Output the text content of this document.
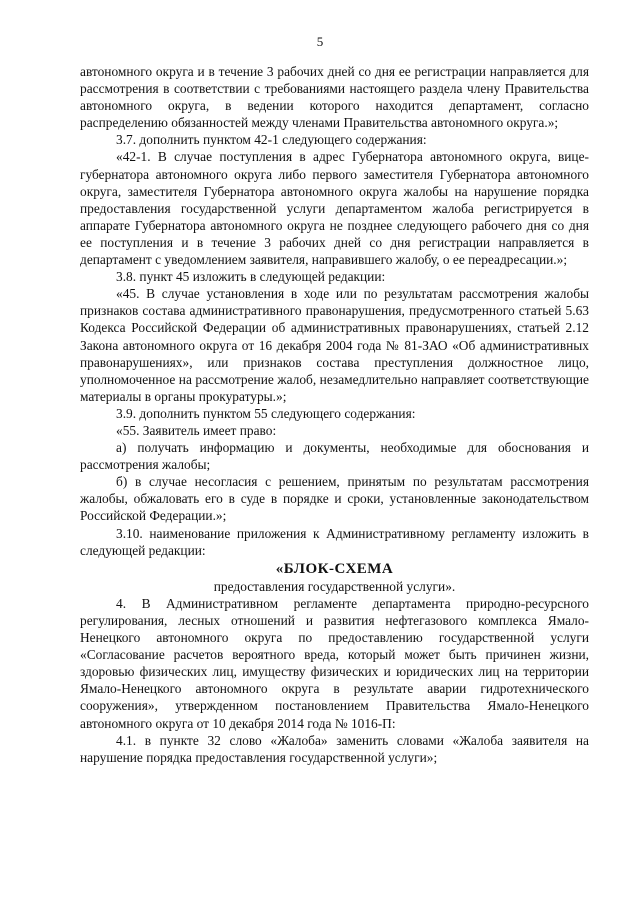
5

автономного округа и в течение 3 рабочих дней со дня ее регистрации направляется для рассмотрения в соответствии с требованиями настоящего раздела члену Правительства автономного округа, в ведении которого находится департамент, согласно распределению обязанностей между членами Правительства автономного округа.»;

3.7. дополнить пунктом 42-1 следующего содержания:

«42-1. В случае поступления в адрес Губернатора автономного округа, вице-губернатора автономного округа либо первого заместителя Губернатора автономного округа, заместителя Губернатора автономного округа жалобы на нарушение порядка предоставления государственной услуги департаментом жалоба регистрируется в аппарате Губернатора автономного округа не позднее следующего рабочего дня со дня ее поступления и в течение 3 рабочих дней со дня регистрации направляется в департамент с уведомлением заявителя, направившего жалобу, о ее переадресации.»;

3.8. пункт 45 изложить в следующей редакции:

«45. В случае установления в ходе или по результатам рассмотрения жалобы признаков состава административного правонарушения, предусмотренного статьей 5.63 Кодекса Российской Федерации об административных правонарушениях, статьей 2.12 Закона автономного округа от 16 декабря 2004 года № 81-ЗАО «Об административных правонарушениях», или признаков состава преступления должностное лицо, уполномоченное на рассмотрение жалоб, незамедлительно направляет соответствующие материалы в органы прокуратуры.»;

3.9. дополнить пунктом 55 следующего содержания:

«55. Заявитель имеет право:

а) получать информацию и документы, необходимые для обоснования и рассмотрения жалобы;

б) в случае несогласия с решением, принятым по результатам рассмотрения жалобы, обжаловать его в суде в порядке и сроки, установленные законодательством Российской Федерации.»;

3.10. наименование приложения к Административному регламенту изложить в следующей редакции:

«БЛОК-СХЕМА

предоставления государственной услуги».

4. В Административном регламенте департамента природно-ресурсного регулирования, лесных отношений и развития нефтегазового комплекса Ямало-Ненецкого автономного округа по предоставлению государственной услуги «Согласование расчетов вероятного вреда, который может быть причинен жизни, здоровью физических лиц, имуществу физических и юридических лиц на территории Ямало-Ненецкого автономного округа в результате аварии гидротехнического сооружения», утвержденном постановлением Правительства Ямало-Ненецкого автономного округа от 10 декабря 2014 года № 1016-П:

4.1. в пункте 32 слово «Жалоба» заменить словами «Жалоба заявителя на нарушение порядка предоставления государственной услуги»;
